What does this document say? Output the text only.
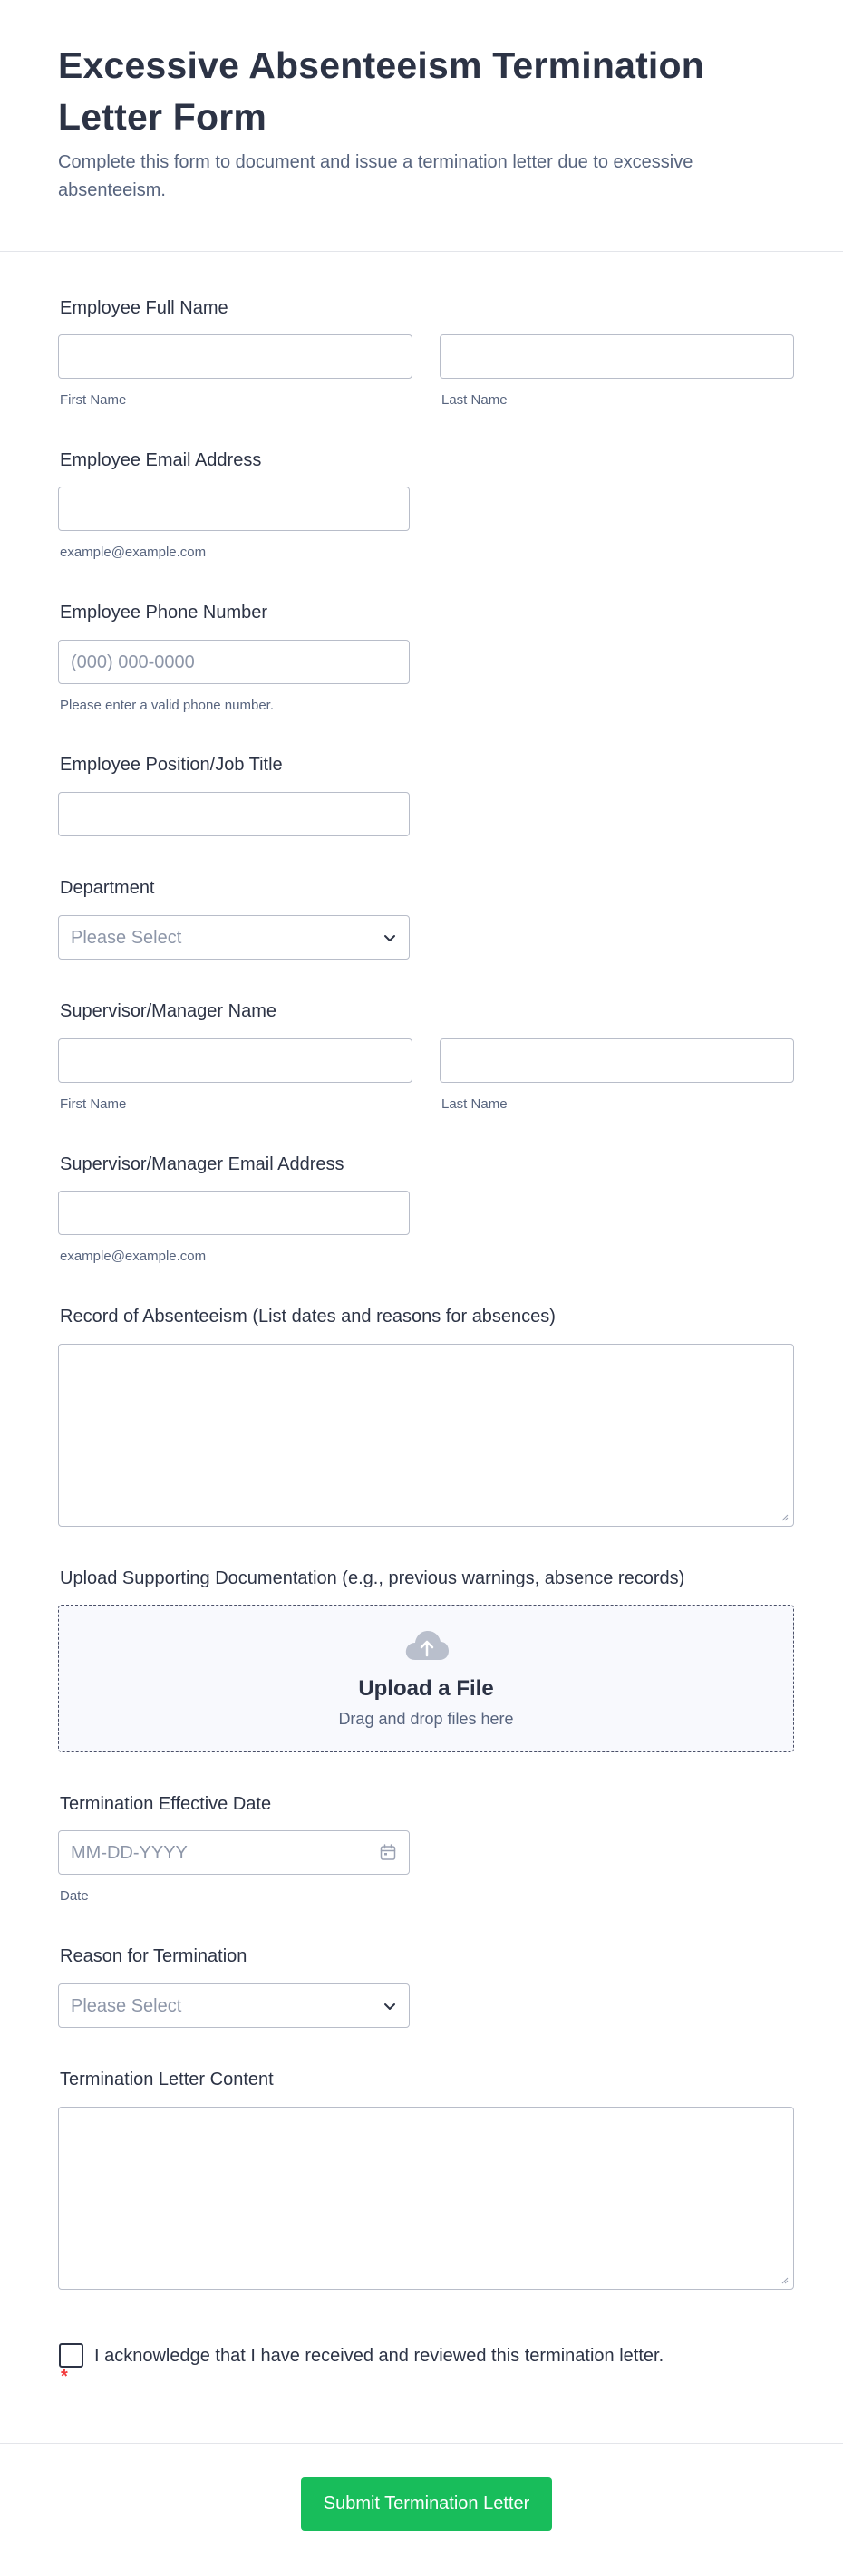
Excessive Absenteeism Termination Letter Form

Complete this form to document and issue a termination letter due to excessive absenteeism.

Employee Full Name
First Name	Last Name
Employee Email Address
example@example.com
Employee Phone Number
(000) 000-0000
Please enter a valid phone number.
Employee Position/Job Title
Department
Please Select
Supervisor/Manager Name
First Name	Last Name
Supervisor/Manager Email Address
example@example.com
Record of Absenteeism (List dates and reasons for absences)
Upload Supporting Documentation (e.g., previous warnings, absence records)
Upload a File
Drag and drop files here
Termination Effective Date
MM-DD-YYYY
Date
Reason for Termination
Please Select
Termination Letter Content
I acknowledge that I have received and reviewed this termination letter.
*
Submit Termination Letter
